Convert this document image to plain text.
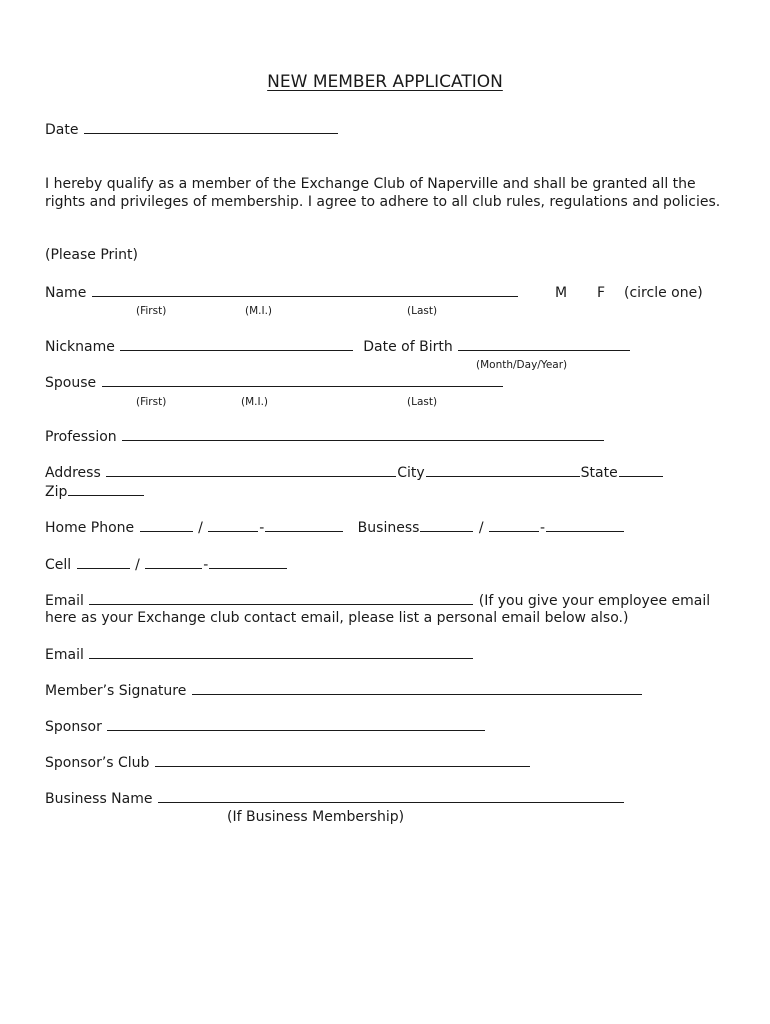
NEW MEMBER APPLICATION
Date
I hereby qualify as a member of the Exchange Club of Naperville and shall be granted all the rights and privileges of membership. I agree to adhere to all club rules, regulations and policies.
(Please Print)
Name	M F (circle one)
(First)	(M.I.)	(Last)
Nickname	Date of Birth
(Month/Day/Year)
Spouse
(First)	(M.I.)	(Last)
Profession
Address	City	State
Zip
Home Phone	/	-	Business	/	-
Cell	/	-
Email	(If you give your employee email
here as your Exchange club contact email, please list a personal email below also.)
Email
Member’s Signature
Sponsor
Sponsor’s Club
Business Name
(If Business Membership)
